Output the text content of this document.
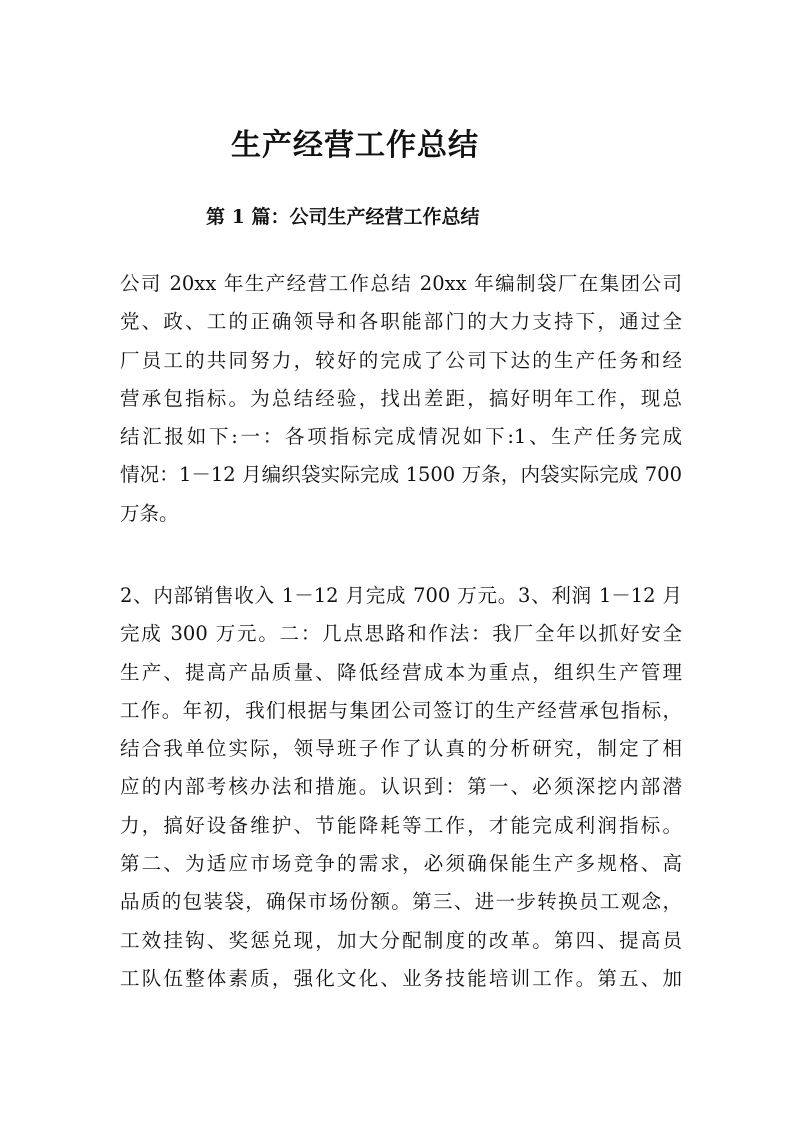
生产经营工作总结
第 1 篇：公司生产经营工作总结
公司 20xx 年生产经营工作总结 20xx 年编制袋厂在集团公司
党、政、工的正确领导和各职能部门的大力支持下，通过全
厂员工的共同努力，较好的完成了公司下达的生产任务和经
营承包指标。为总结经验，找出差距，搞好明年工作，现总
结汇报如下:一：各项指标完成情况如下:1、生产任务完成
情况：1－12 月编织袋实际完成 1500 万条，内袋实际完成 700
万条。
2、内部销售收入 1－12 月完成 700 万元。3、利润 1－12 月
完成 300 万元。二：几点思路和作法：我厂全年以抓好安全
生产、提高产品质量、降低经营成本为重点，组织生产管理
工作。年初，我们根据与集团公司签订的生产经营承包指标，
结合我单位实际，领导班子作了认真的分析研究，制定了相
应的内部考核办法和措施。认识到：第一、必须深挖内部潜
力，搞好设备维护、节能降耗等工作，才能完成利润指标。
第二、为适应市场竞争的需求，必须确保能生产多规格、高
品质的包装袋，确保市场份额。第三、进一步转换员工观念，
工效挂钩、奖惩兑现，加大分配制度的改革。第四、提高员
工队伍整体素质，强化文化、业务技能培训工作。第五、加
